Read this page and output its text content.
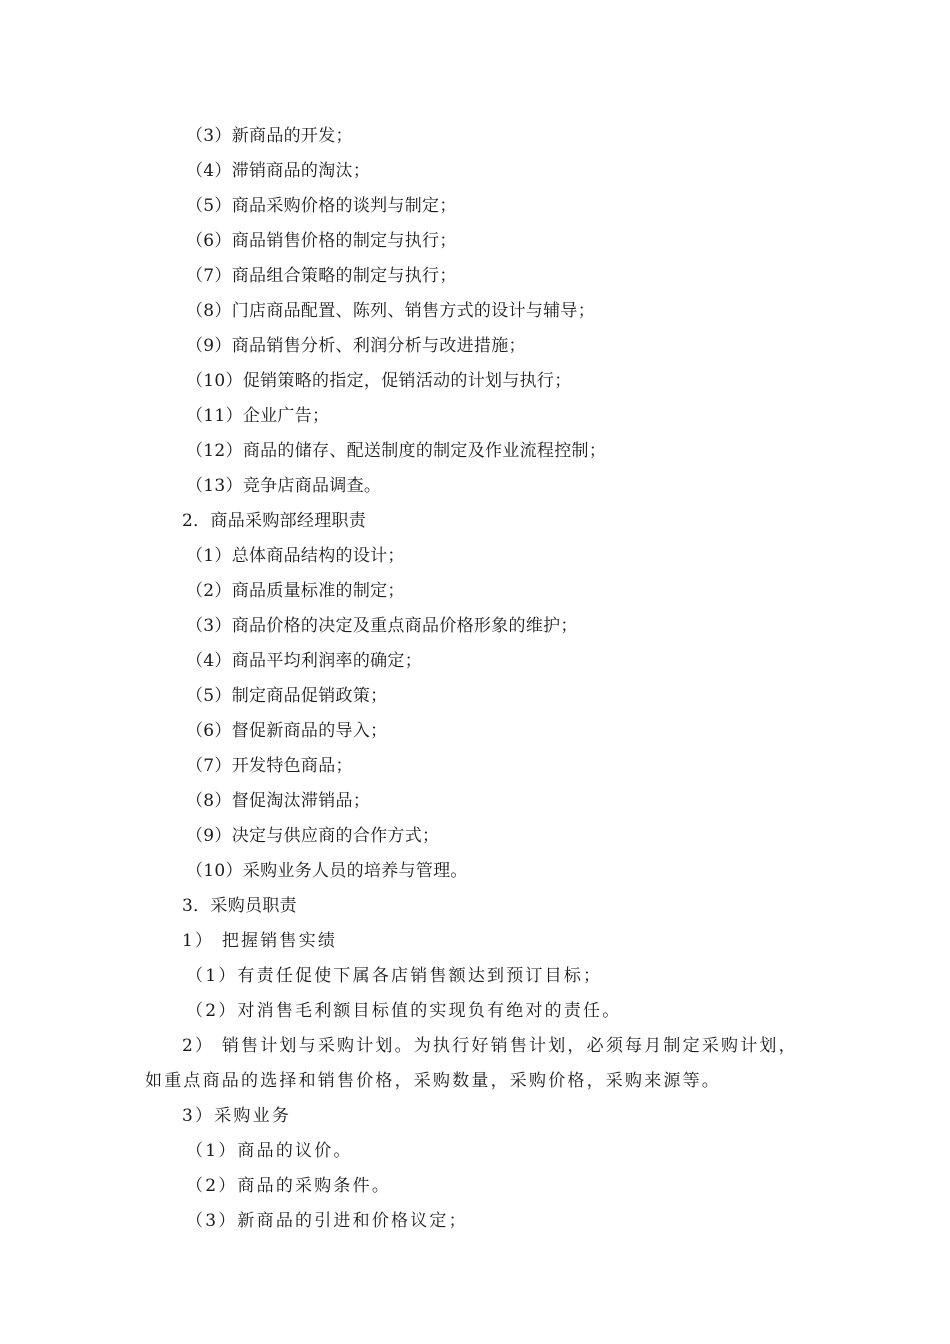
（3）新商品的开发；
（4）滞销商品的淘汰；
（5）商品采购价格的谈判与制定；
（6）商品销售价格的制定与执行；
（7）商品组合策略的制定与执行；
（8）门店商品配置、陈列、销售方式的设计与辅导；
（9）商品销售分析、利润分析与改进措施；
（10）促销策略的指定，促销活动的计划与执行；
（11）企业广告；
（12）商品的储存、配送制度的制定及作业流程控制；
（13）竞争店商品调查。
2．商品采购部经理职责
（1）总体商品结构的设计；
（2）商品质量标准的制定；
（3）商品价格的决定及重点商品价格形象的维护；
（4）商品平均利润率的确定；
（5）制定商品促销政策；
（6）督促新商品的导入；
（7）开发特色商品；
（8）督促淘汰滞销品；
（9）决定与供应商的合作方式；
（10）采购业务人员的培养与管理。
3．采购员职责
1） 把握销售实绩
（1）有责任促使下属各店销售额达到预订目标；
（2）对消售毛利额目标值的实现负有绝对的责任。
2） 销售计划与采购计划。为执行好销售计划，必须每月制定采购计划，
如重点商品的选择和销售价格，采购数量，采购价格，采购来源等。
3）采购业务
（1）商品的议价。
（2）商品的采购条件。
（3）新商品的引进和价格议定；
